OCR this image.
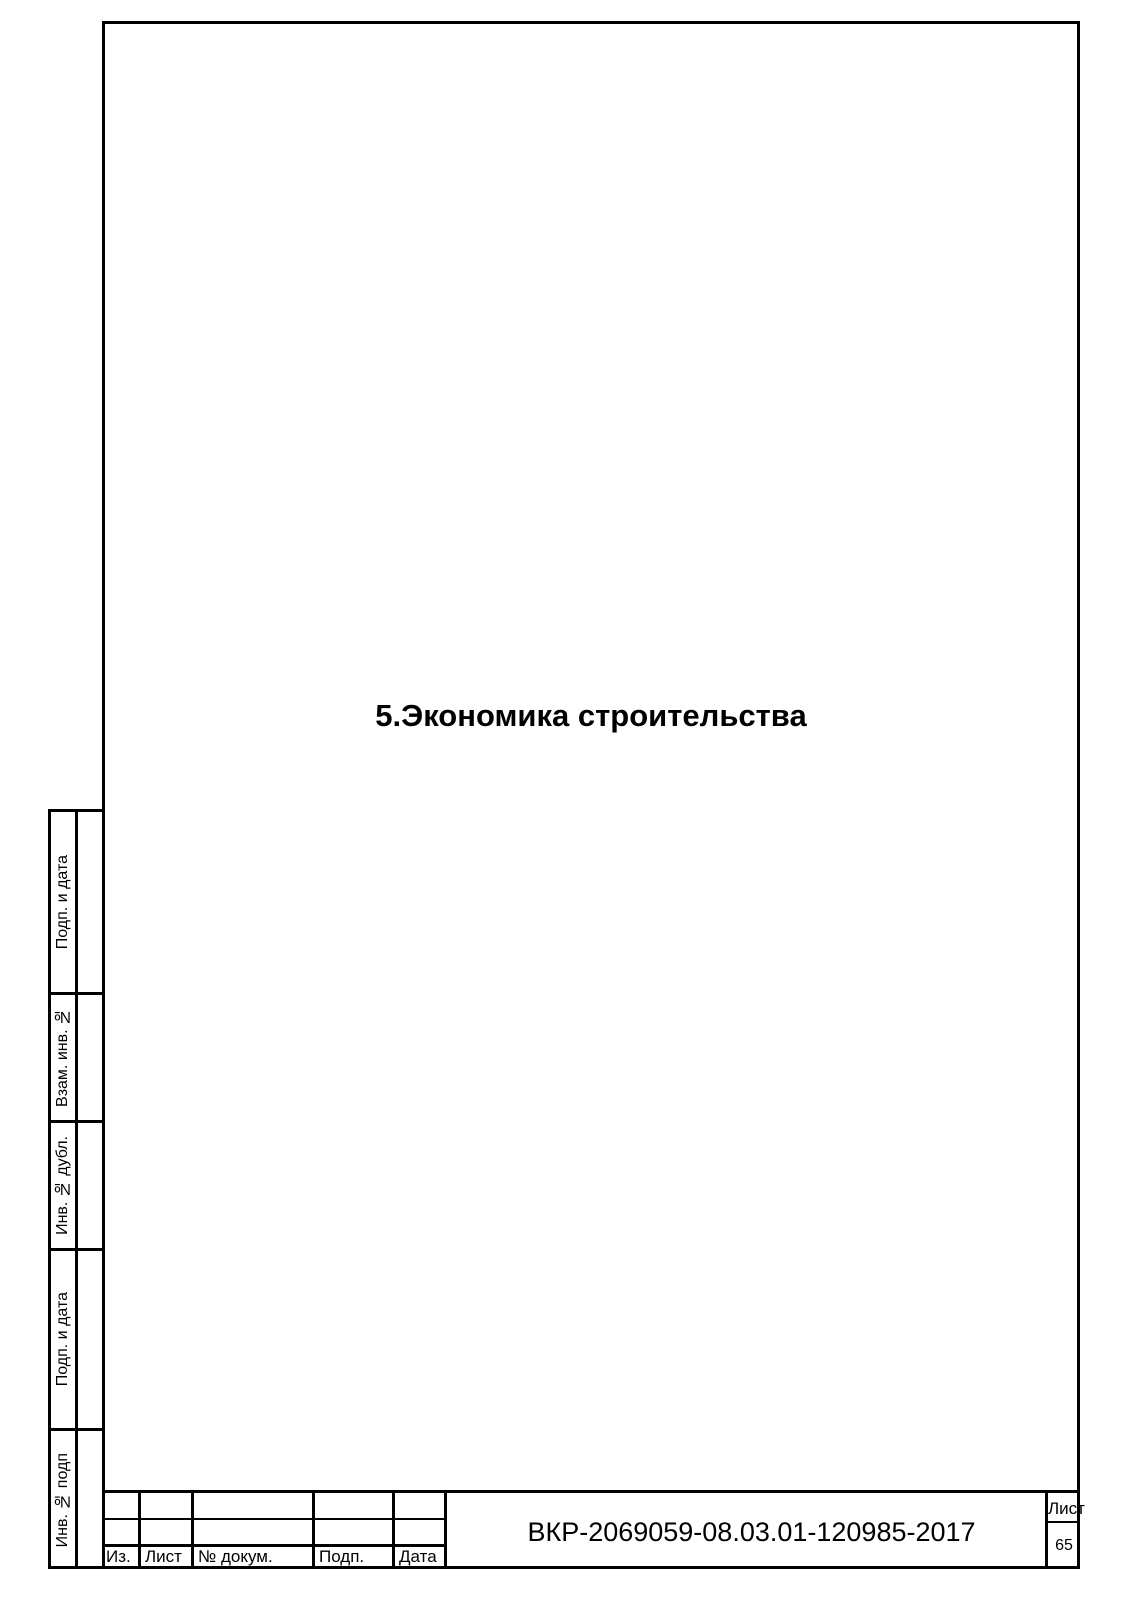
5.Экономика строительства
Подп. и дата
Взам. инв. №
Инв. № дубл.
Подп. и дата
Инв. № подп
Из. Лист № докум.	Подп.	Дата
ВКР-2069059-08.03.01-120985-2017
Лист
65
